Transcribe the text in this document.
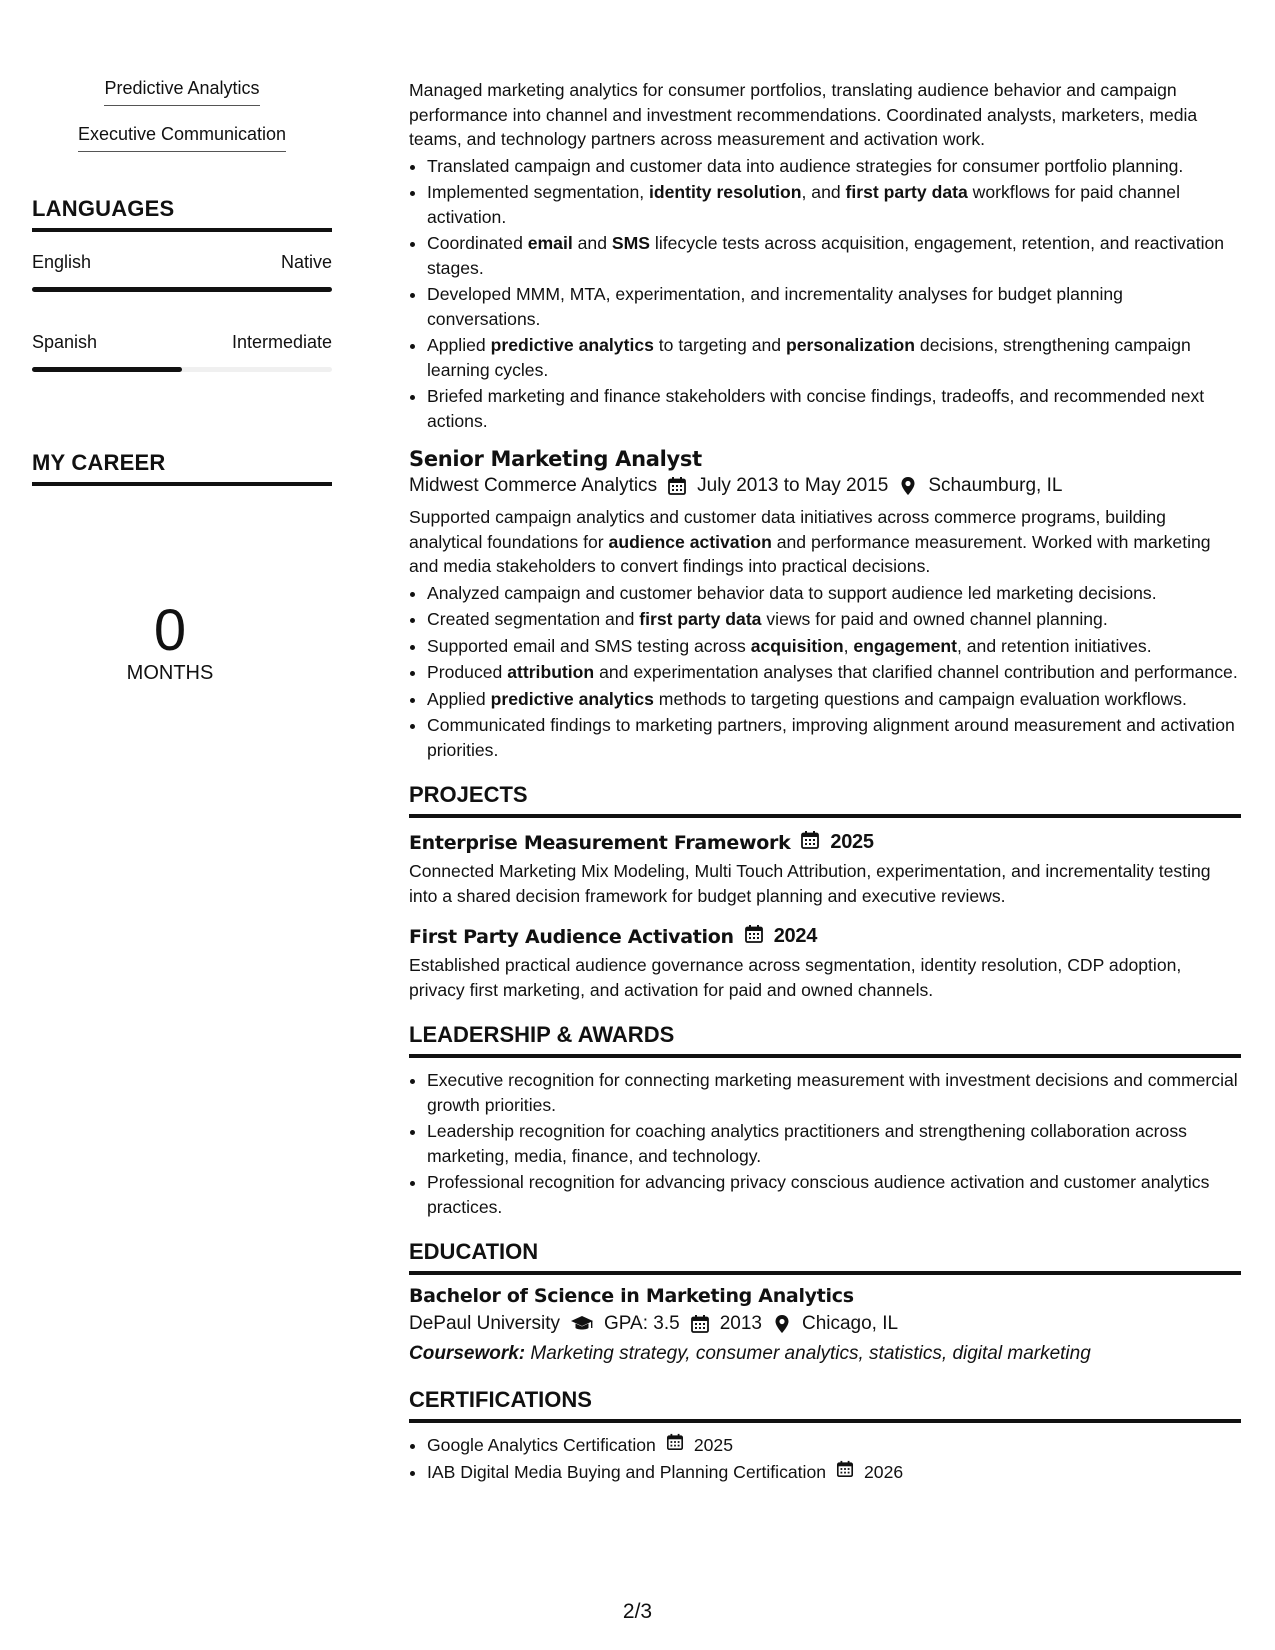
Predictive Analytics
Executive Communication
LANGUAGES
English	Native
Spanish	Intermediate
MY CAREER
0
MONTHS

Managed marketing analytics for consumer portfolios, translating audience behavior and campaign performance into channel and investment recommendations. Coordinated analysts, marketers, media teams, and technology partners across measurement and activation work.

• Translated campaign and customer data into audience strategies for consumer portfolio planning.
• Implemented segmentation, identity resolution, and first party data workflows for paid channel activation.
• Coordinated email and SMS lifecycle tests across acquisition, engagement, retention, and reactivation stages.
• Developed MMM, MTA, experimentation, and incrementality analyses for budget planning conversations.
• Applied predictive analytics to targeting and personalization decisions, strengthening campaign learning cycles.
• Briefed marketing and finance stakeholders with concise findings, tradeoffs, and recommended next actions.
Senior Marketing Analyst
Midwest Commerce Analytics July 2013 to May 2015 Schaumburg, IL

Supported campaign analytics and customer data initiatives across commerce programs, building analytical foundations for audience activation and performance measurement. Worked with marketing and media stakeholders to convert findings into practical decisions.

• Analyzed campaign and customer behavior data to support audience led marketing decisions.
• Created segmentation and first party data views for paid and owned channel planning.
• Supported email and SMS testing across acquisition, engagement, and retention initiatives.
• Produced attribution and experimentation analyses that clarified channel contribution and performance.
• Applied predictive analytics methods to targeting questions and campaign evaluation workflows.
• Communicated findings to marketing partners, improving alignment around measurement and activation priorities.
PROJECTS
Enterprise Measurement Framework 2025

Connected Marketing Mix Modeling, Multi Touch Attribution, experimentation, and incrementality testing into a shared decision framework for budget planning and executive reviews.

First Party Audience Activation 2024

Established practical audience governance across segmentation, identity resolution, CDP adoption, privacy first marketing, and activation for paid and owned channels.

LEADERSHIP & AWARDS
• Executive recognition for connecting marketing measurement with investment decisions and commercial growth priorities.
• Leadership recognition for coaching analytics practitioners and strengthening collaboration across marketing, media, finance, and technology.
• Professional recognition for advancing privacy conscious audience activation and customer analytics practices.
EDUCATION
Bachelor of Science in Marketing Analytics
DePaul University GPA: 3.5 2013 Chicago, IL
Coursework: Marketing strategy, consumer analytics, statistics, digital marketing
CERTIFICATIONS
• Google Analytics Certification 2025
• IAB Digital Media Buying and Planning Certification 2026
2/3
